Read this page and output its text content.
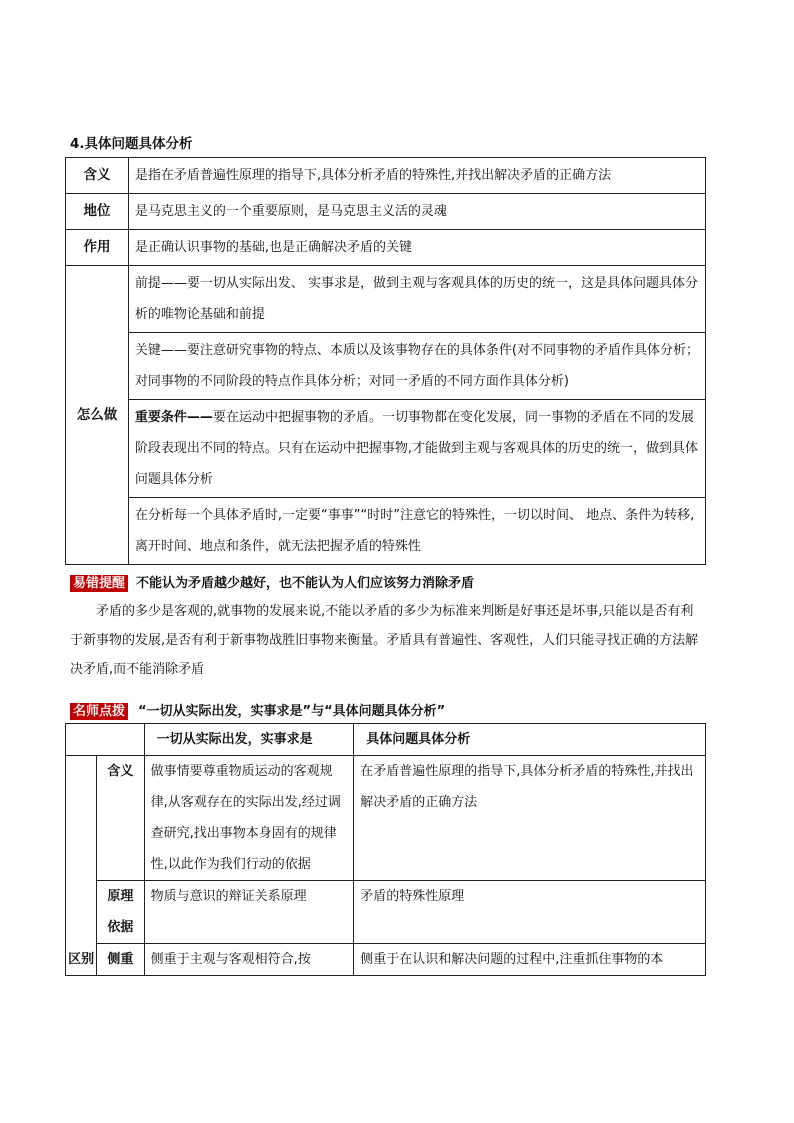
4.具体问题具体分析
含义	是指在矛盾普遍性原理的指导下,具体分析矛盾的特殊性,并找出解决矛盾的正确方法
地位	是马克思主义的一个重要原则，是马克思主义活的灵魂
作用	是正确认识事物的基础,也是正确解决矛盾的关键
怎么做	前提——要一切从实际出发、 实事求是，做到主观与客观具体的历史的统一，这是具体问题具体分析的唯物论基础和前提
	关键——要注意研究事物的特点、本质以及该事物存在的具体条件(对不同事物的矛盾作具体分析；对同事物的不同阶段的特点作具体分析；对同一矛盾的不同方面作具体分析)
	重要条件——要在运动中把握事物的矛盾。一切事物都在变化发展，同一事物的矛盾在不同的发展阶段表现出不同的特点。只有在运动中把握事物,才能做到主观与客观具体的历史的统一，做到具体问题具体分析
	在分析每一个具体矛盾时,一定要“事事”“时时”注意它的特殊性，一切以时间、 地点、条件为转移,离开时间、地点和条件，就无法把握矛盾的特殊性
易错提醒 不能认为矛盾越少越好，也不能认为人们应该努力消除矛盾
矛盾的多少是客观的,就事物的发展来说,不能以矛盾的多少为标准来判断是好事还是坏事,只能以是否有利于新事物的发展,是否有利于新事物战胜旧事物来衡量。矛盾具有普遍性、客观性，人们只能寻找正确的方法解决矛盾,而不能消除矛盾
名师点拨 “一切从实际出发，实事求是”与“具体问题具体分析”
		一切从实际出发，实事求是	具体问题具体分析
区别	含义	做事情要尊重物质运动的客观规律,从客观存在的实际出发,经过调查研究,找出事物本身固有的规律性,以此作为我们行动的依据	在矛盾普遍性原理的指导下,具体分析矛盾的特殊性,并找出解决矛盾的正确方法
	原理依据	物质与意识的辩证关系原理	矛盾的特殊性原理
	侧重	侧重于主观与客观相符合,按	侧重于在认识和解决问题的过程中,注重抓住事物的本
